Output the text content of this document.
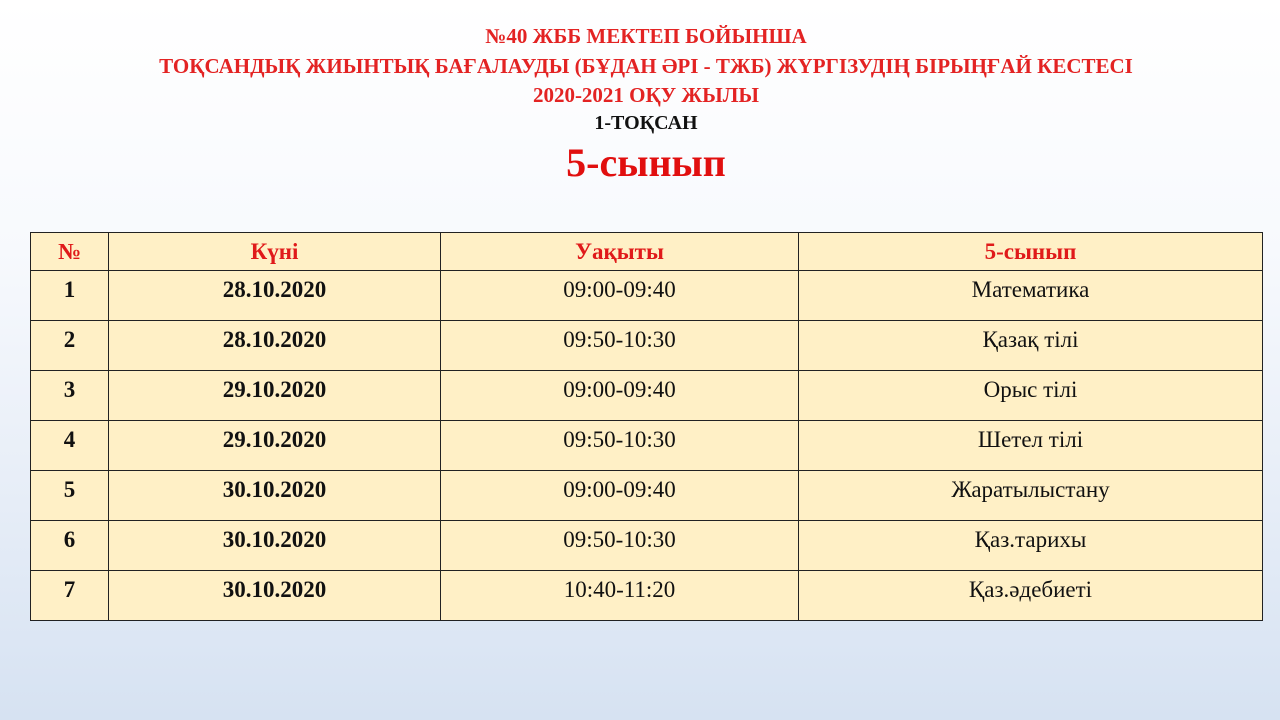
№40 ЖББ МЕКТЕП БОЙЫНША
ТОҚСАНДЫҚ ЖИЫНТЫҚ БАҒАЛАУДЫ (БҰДАН ӘРІ - ТЖБ) ЖҮРГІЗУДІҢ БІРЫҢҒАЙ КЕСТЕСІ
2020-2021 ОҚУ ЖЫЛЫ
1-ТОҚСАН
5-сынып
№	Күні	Уақыты	5-сынып
1	28.10.2020	09:00-09:40	Математика
2	28.10.2020	09:50-10:30	Қазақ тілі
3	29.10.2020	09:00-09:40	Орыс тілі
4	29.10.2020	09:50-10:30	Шетел тілі
5	30.10.2020	09:00-09:40	Жаратылыстану
6	30.10.2020	09:50-10:30	Қаз.тарихы
7	30.10.2020	10:40-11:20	Қаз.әдебиеті
